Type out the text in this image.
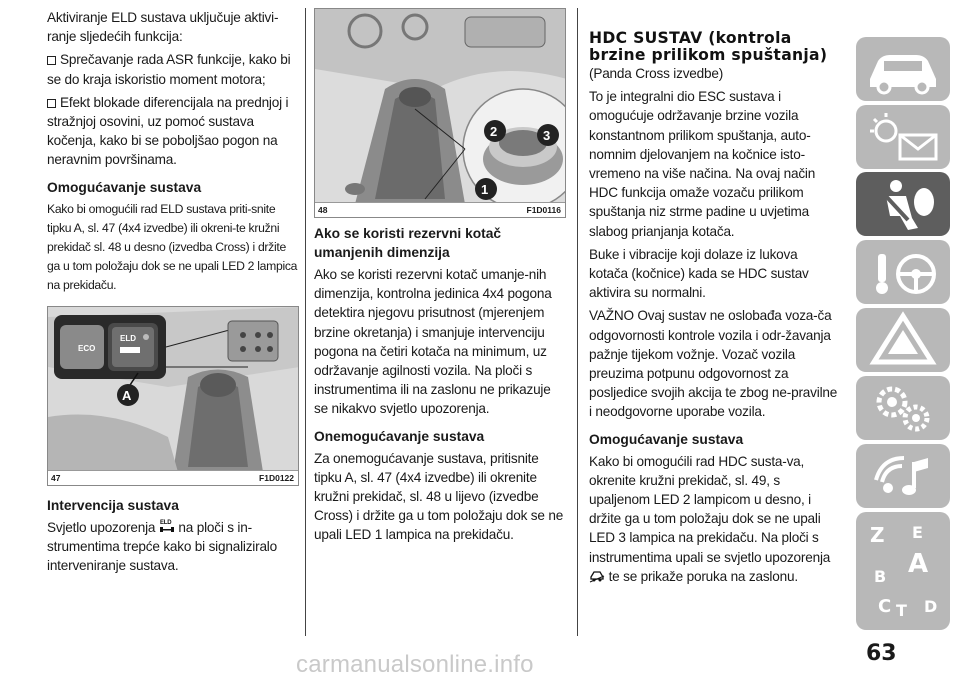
Aktiviranje ELD sustava uključuje aktivi-ranje sljedećih funkcija:

Sprečavanje rada ASR funkcije, kako bi se do kraja iskoristio moment motora;

Efekt blokade diferencijala na prednjoj i stražnjoj osovini, uz pomoć sustava kočenja, kako bi se poboljšao pogon na neravnim površinama.

Omogućavanje sustava

Kako bi omogućili rad ELD sustava priti-snite tipku A, sl. 47 (4x4 izvedbe) ili okreni-te kružni prekidač sl. 48 u desno (izvedba Cross) i držite ga u tom položaju dok se ne upali LED 2 lampica na prekidaču.

ECO
ELD
A
47	F1D0122
Intervencija sustava

Svjetlo upozorenja ELD na ploči s in-strumentima trepće kako bi signaliziralo interveniranje sustava.

1
2	3
48	F1D0116
Ako se koristi rezervni kotač umanjenih dimenzija

Ako se koristi rezervni kotač umanje-nih dimenzija, kontrolna jedinica 4x4 pogona detektira njegovu prisutnost (mjerenjem brzine okretanja) i smanjuje intervenciju pogona na četiri kotača na minimum, uz održavanje agilnosti vozila. Na ploči s instrumentima ili na zaslonu ne prikazuje se nikakvo svjetlo upozorenja.

Onemogućavanje sustava

Za onemogućavanje sustava, pritisnite tipku A, sl. 47 (4x4 izvedbe) ili okrenite kružni prekidač, sl. 48 u lijevo (izvedbe Cross) i držite ga u tom položaju dok se ne upali LED 1 lampica na prekidaču.

HDC SUSTAV (kontrola brzine prilikom spuštanja)

(Panda Cross izvedbe)

To je integralni dio ESC sustava i omogućuje održavanje brzine vozila konstantnom prilikom spuštanja, auto-nomnim djelovanjem na kočnice isto-vremeno na više načina. Na ovaj način HDC funkcija omaže vozaču prilikom spuštanja niz strme padine u uvjetima slabog prianjanja kotača.

Buke i vibracije koji dolaze iz lukova kotača (kočnice) kada se HDC sustav aktivira su normalni.

VAŽNO Ovaj sustav ne oslobađa voza-ča odgovornosti kontrole vozila i odr-žavanja pažnje tijekom vožnje. Vozač vozila preuzima potpunu odgovornost za posljedice svojih akcija te zbog ne-pravilne i neodgovorne uporabe vozila.

Omogućavanje sustava

Kako bi omogućili rad HDC susta-va, okrenite kružni prekidač, sl. 49, s upaljenom LED 2 lampicom u desno, i držite ga u tom položaju dok se ne upali LED 3 lampica na prekidaču. Na ploči s instrumentima upali se svjetlo upozorenja  te se prikaže poruka na zaslonu.

Z E
A
B
C T D
63
carmanualsonline.info
